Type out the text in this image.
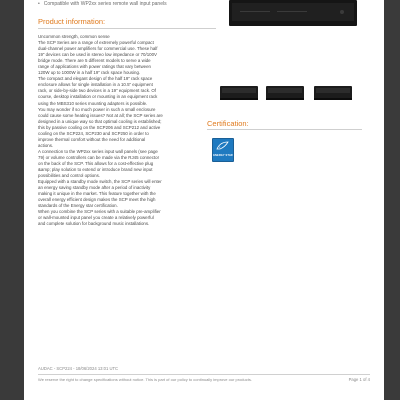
• Compatible with WP2xx series remote wall input panels
Product information:

Uncommon strength, common sense

The SCP Series are a range of extremely powerful compact

dual-channel power amplifiers for commercial use. These half

19" devices can be used in stereo low impedance or 70/100V

bridge mode. There are 5 different models to serve a wide

range of applications with power ratings that vary between

120W up to 1000W in a half 19" rack space housing.

The compact and elegant design of the half 19" rack space

enclosure allows for single installation in a 10.5" equipment

rack, or side-by-side two devices in a 19" equipment rack. Of

course, desktop installation or mounting in an equipment rack

using the MBS310 series mounting adapters is possible.

You may wonder if so much power in such a small enclosure

could cause some heating issues? Not at all; the SCP series are

designed in a unique way so that optimal cooling is established;

this by passive cooling on the SCP206 and SCP212 and active

cooling on the SCP224, SCP230 and SCP250 in order to

improve thermal comfort without the need for additional

actions.

A connection to the WP2xx series input wall panels (see page

79) or volume controllers can be made via the RJ45 connector

on the back of the SCP. This allows for a cost-effective plug

&amp; play solution to extend or introduce brand new input

possibilities and control options.

Equipped with a standby mode switch, the SCP series will enter

an energy saving standby mode after a period of inactivity

making it unique in the market. This feature together with the

overall energy efficient design makes the SCP meet the high

standards of the Energy star certification.

When you combine the SCP series with a suitable pre-amplifier

or wall-mounted input panel you create a relatively powerful

and complete solution for background music installations.

Certification:
e
ENERGY STAR
AUDAC - SCP224 - 18/06/2024 13:01 UTC
We reserve the right to change specifications without notice. This is part of our policy to continually improve our products.	Page 1 of 4
